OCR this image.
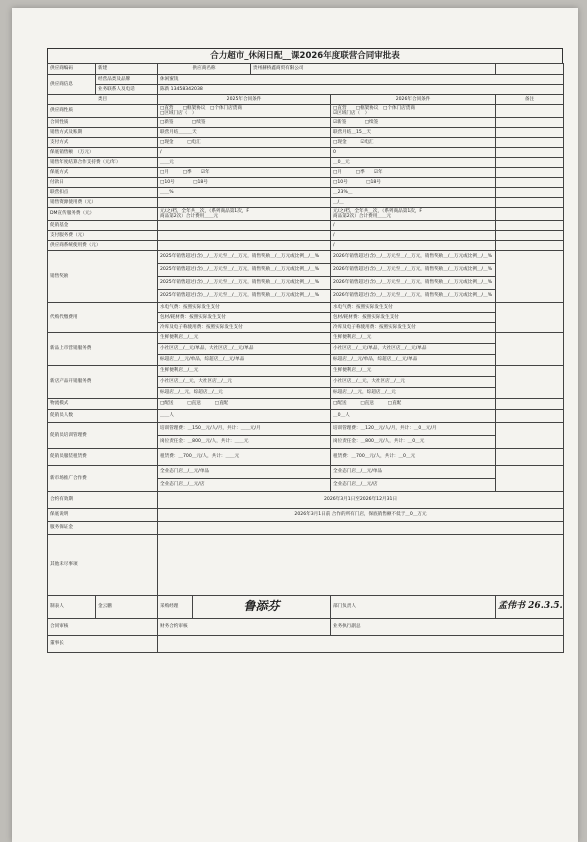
合力超市_休闲日配__课2026年度联营合同审批表
供应商编码	新建	供应商名称		贵州赫桥鑫商贸有限公司		
供应商信息	经营品类及品牌	休闲蜜饯				
	业务联系人及电话	陈新 13458342038				
类目		2025年合同条件			2026年合同条件	备注
供应商性质		□直营　　□框架协议　□个体门店货商
□区域门店（　）			□直营　　□框架协议　□个体门店货商
☑区域门店（　）	
合同性质		□新签　　　　□续签			☑新签　　　　□续签	
销售方式及账期		联营月结＿＿＿天			联营月结＿15＿天	
支付方式		□现金　　　□电汇			□现金　　　☑电汇	
保底销售额　（万元）		/			0	
销售年度结算合作支持费（元/年）		＿＿元			＿0＿元	
保底方式		□月　　　□季　　☑年			□月　　　□季　　☑年	
付款日		□10号　　　　□18号			□10号　　　　□18号	
联营扣点		＿＿%			＿23%＿	
销售资源使用费（元）					＿/＿	
DM宣传服务费（元）		元/之/档，全年共＿次，（系列商品第1次，F
商品第2次）合计费用＿＿元			元/之/档，全年共＿次，（系列商品第1次，F
商品第2次）合计费用＿＿元	
促销基金					/	
支付服务费（元）					/	
供应商系统使用费（元）					/	
销售奖励		2025年销售超过(含)＿/＿万元至＿/＿万元，销售奖励＿/＿万元或比例＿/＿%			2026年销售超过(含)＿/＿万元至＿/＿万元，销售奖励＿/＿万元或比例＿/＿%	
		2025年销售超过(含)＿/＿万元至＿/＿万元，销售奖励＿/＿万元或比例＿/＿%			2026年销售超过(含)＿/＿万元至＿/＿万元，销售奖励＿/＿万元或比例＿/＿%	
		2025年销售超过(含)＿/＿万元至＿/＿万元，销售奖励＿/＿万元或比例＿/＿%			2026年销售超过(含)＿/＿万元至＿/＿万元，销售奖励＿/＿万元或比例＿/＿%	
		2025年销售超过(含)＿/＿万元至＿/＿万元，销售奖励＿/＿万元或比例＿/＿%			2026年销售超过(含)＿/＿万元至＿/＿万元，销售奖励＿/＿万元或比例＿/＿%	
代购代缴费用		水电气费：按照实际发生支付			水电气费：按照实际发生支付	
		包材/耗材费：按照实际发生支付			包材/耗材费：按照实际发生支付	
		冷库及电子称使用费：按照实际发生支付			冷库及电子称使用费：按照实际发生支付	
新品上市营销服务费		生鲜便利店＿/＿元			生鲜便利店＿/＿元	
		小社区店＿/＿元/单品，大社区店＿/＿元/单品			小社区店＿/＿元/单品，大社区店＿/＿元/单品	
		标超店＿/＿元/单品，综超店＿/＿元/单品			标超店＿/＿元/单品，综超店＿/＿元/单品	
新店产品开销服务费		生鲜便利店＿/＿元			生鲜便利店＿/＿元	
		小社区店＿/＿元，大社区店＿/＿元			小社区店＿/＿元，大社区店＿/＿元	
		标超店＿/＿元，综超店＿/＿元			标超店＿/＿元，综超店＿/＿元	
物流模式		□配送　　　□直送　　　□直配			□配送　　　□直送　　　□直配	
促销员人数		＿＿人			＿0＿人	
促销员培训管理费		培训管理费：＿150＿元/人/月，共计：＿＿元/月			培训管理费：＿120＿元/人/月，共计：＿0＿元/月	
		岗位责任金：＿800＿元/人，共计：＿＿元			岗位责任金：＿800＿元/人，共计：＿0＿元	
促销员服装租赁费		租赁费：＿700＿元/人，共计：＿＿元			租赁费：＿700＿元/人，共计：＿0＿元	
新市场推广合作费		全业态门店＿/＿元/单品			全业态门店＿/＿元/单品	
		全业态门店＿/＿元/店			全业态门店＿/＿元/店	
合约有效期		2026年3月1日至2026年12月31日				
保底说明		2026年3月1日前 合作的所有门店，保底销售额不低于＿0＿万元				
服务保证金						
其他未尽事项						
制表人	金云鹏	采购经理	鲁添芬		部门负责人	孟伟书 26.3.5.
合同审核		财务合约审核			业务执行副总	
董事长						
